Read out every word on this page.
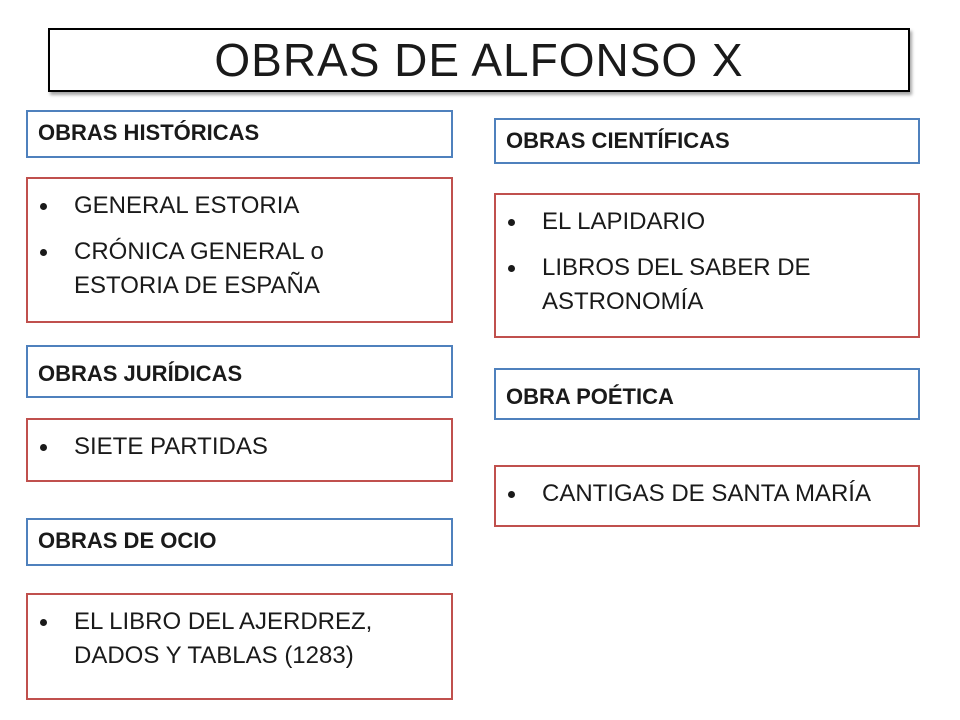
OBRAS DE ALFONSO X
OBRAS HISTÓRICAS
GENERAL ESTORIA
CRÓNICA GENERAL o ESTORIA DE ESPAÑA
OBRAS JURÍDICAS
SIETE PARTIDAS
OBRAS DE OCIO
EL LIBRO DEL AJERDREZ, DADOS Y TABLAS (1283)
OBRAS CIENTÍFICAS
EL LAPIDARIO
LIBROS DEL SABER DE ASTRONOMÍA
OBRA POÉTICA
CANTIGAS DE SANTA MARÍA
